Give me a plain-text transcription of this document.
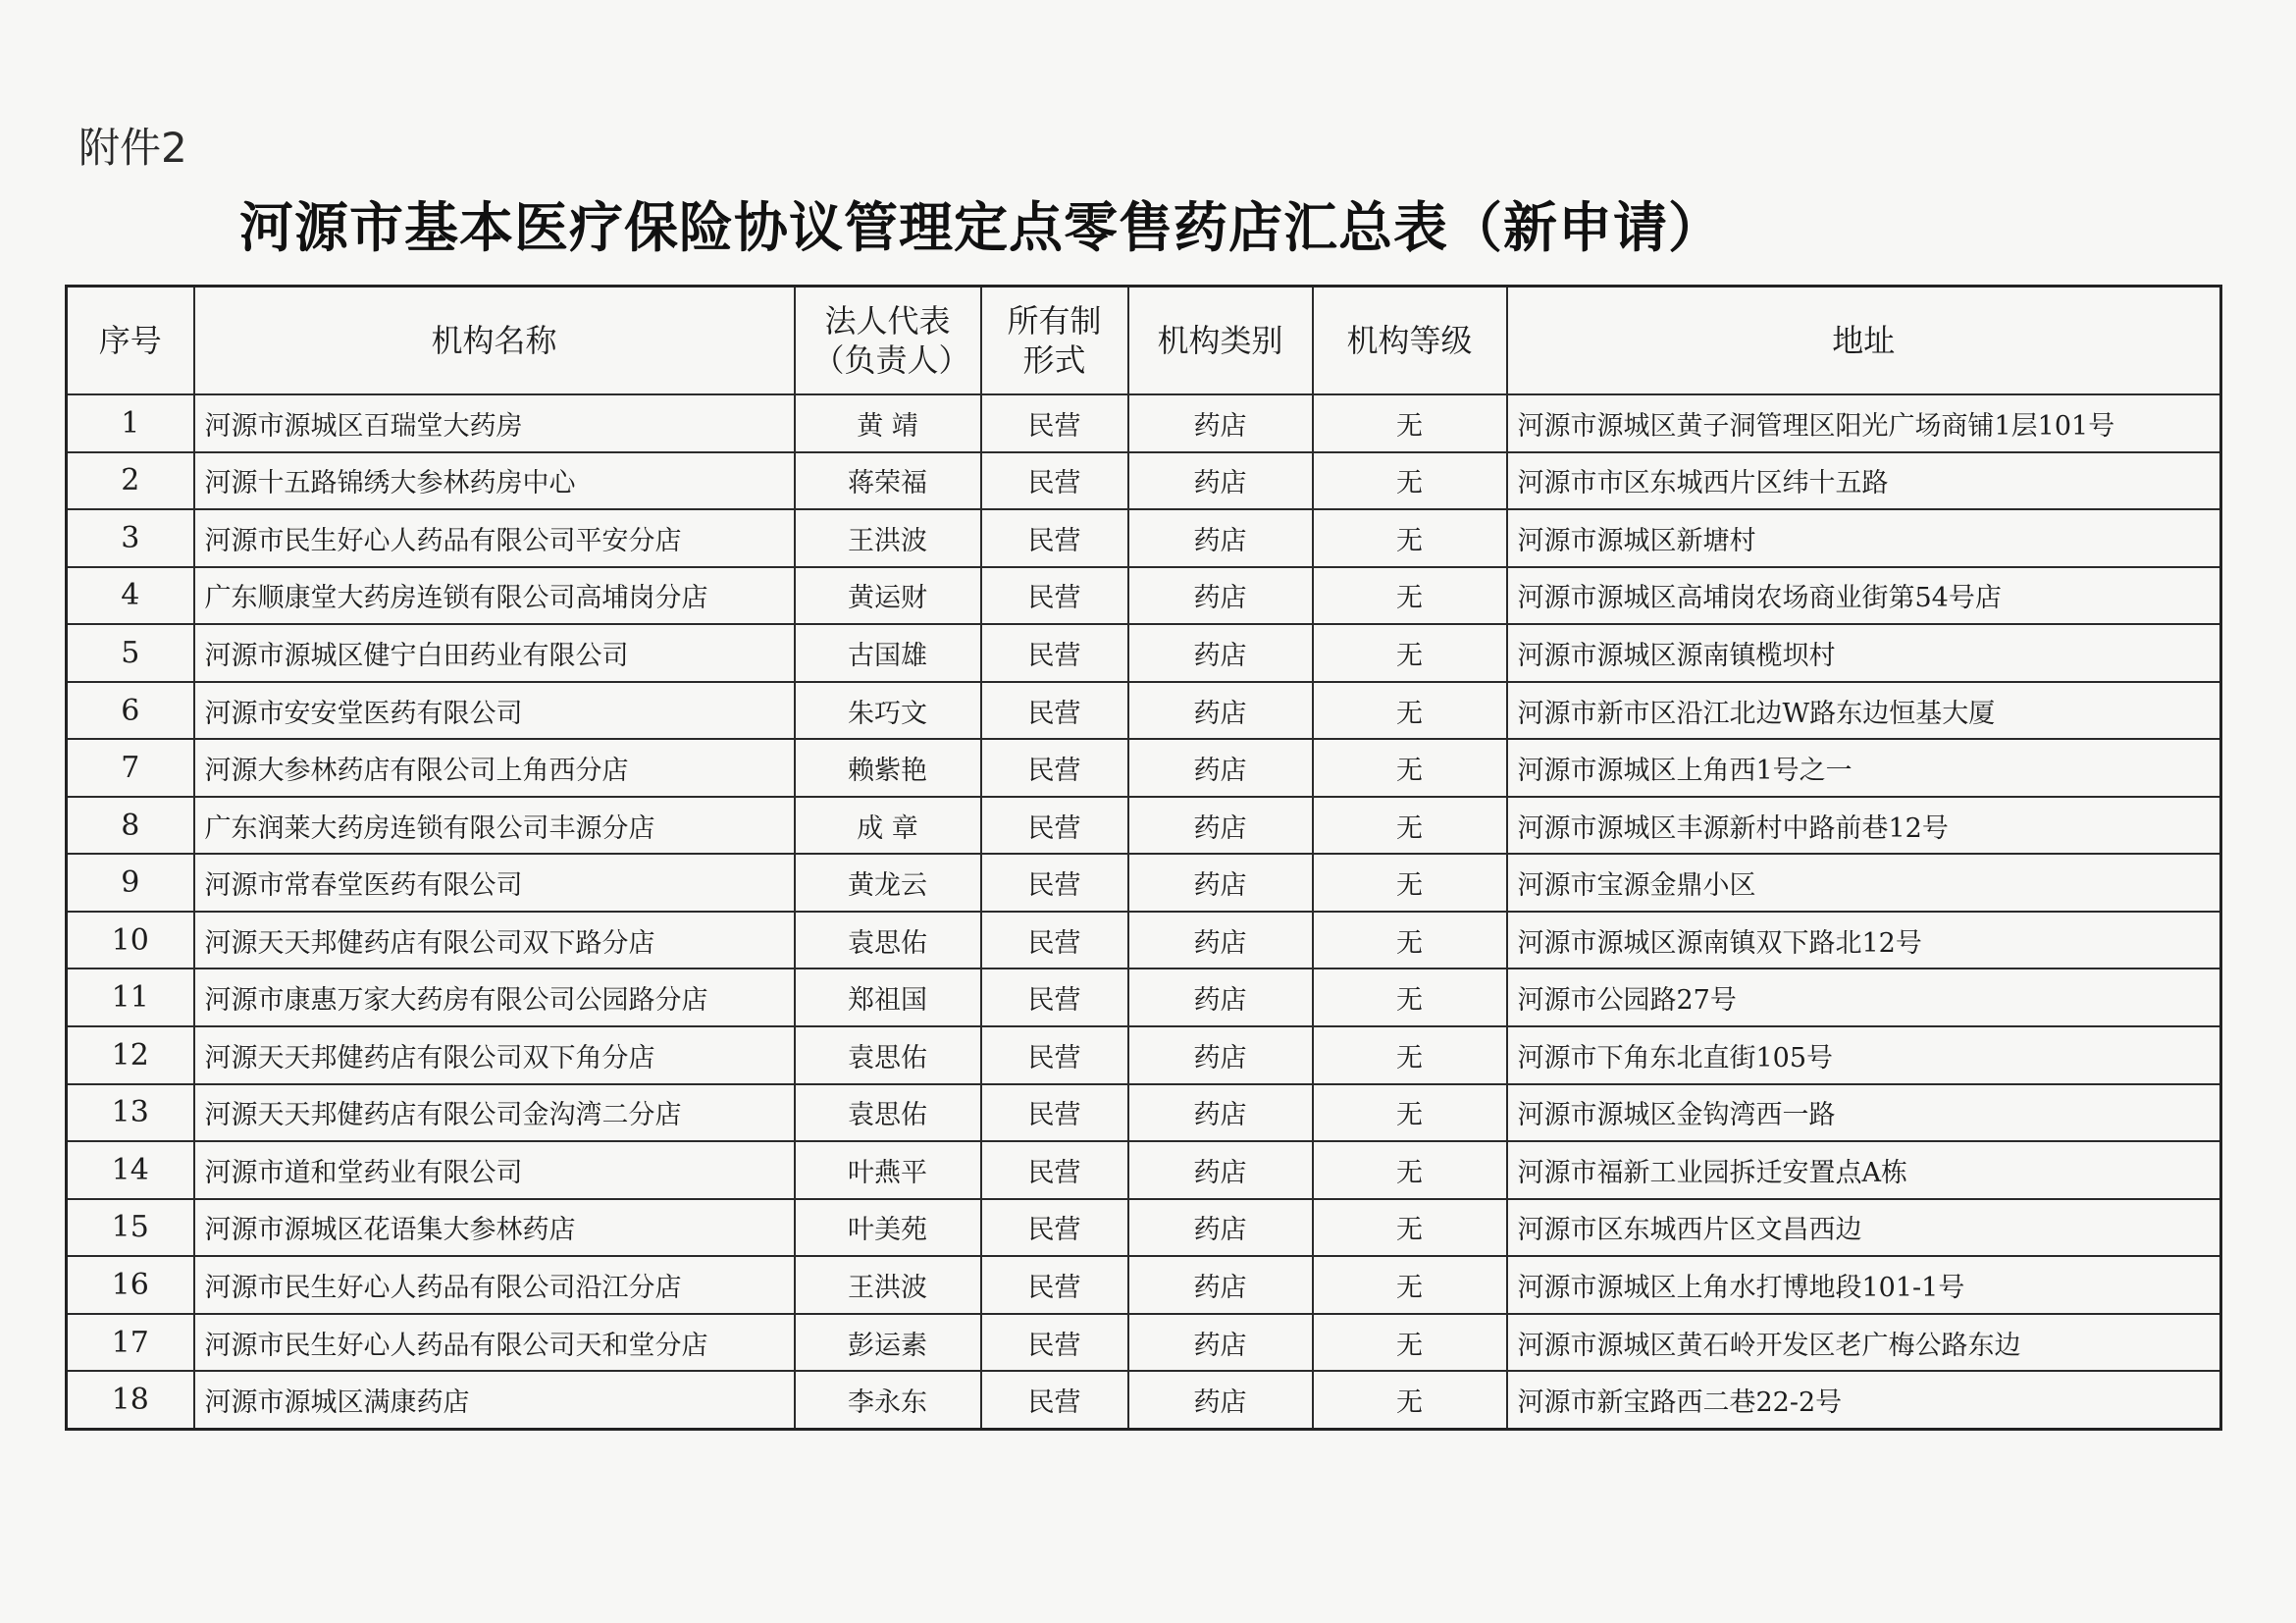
附件2
河源市基本医疗保险协议管理定点零售药店汇总表（新申请）
序号	机构名称	法人代表（负责人）	所有制形式	机构类别	机构等级	地址
1	河源市源城区百瑞堂大药房	黄 靖	民营	药店	无	河源市源城区黄子洞管理区阳光广场商铺1层101号
2	河源十五路锦绣大参林药房中心	蒋荣福	民营	药店	无	河源市市区东城西片区纬十五路
3	河源市民生好心人药品有限公司平安分店	王洪波	民营	药店	无	河源市源城区新塘村
4	广东顺康堂大药房连锁有限公司高埔岗分店	黄运财	民营	药店	无	河源市源城区高埔岗农场商业街第54号店
5	河源市源城区健宁白田药业有限公司	古国雄	民营	药店	无	河源市源城区源南镇榄坝村
6	河源市安安堂医药有限公司	朱巧文	民营	药店	无	河源市新市区沿江北边W路东边恒基大厦
7	河源大参林药店有限公司上角西分店	赖紫艳	民营	药店	无	河源市源城区上角西1号之一
8	广东润莱大药房连锁有限公司丰源分店	成 章	民营	药店	无	河源市源城区丰源新村中路前巷12号
9	河源市常春堂医药有限公司	黄龙云	民营	药店	无	河源市宝源金鼎小区
10	河源天天邦健药店有限公司双下路分店	袁思佑	民营	药店	无	河源市源城区源南镇双下路北12号
11	河源市康惠万家大药房有限公司公园路分店	郑祖国	民营	药店	无	河源市公园路27号
12	河源天天邦健药店有限公司双下角分店	袁思佑	民营	药店	无	河源市下角东北直街105号
13	河源天天邦健药店有限公司金沟湾二分店	袁思佑	民营	药店	无	河源市源城区金钩湾西一路
14	河源市道和堂药业有限公司	叶燕平	民营	药店	无	河源市福新工业园拆迁安置点A栋
15	河源市源城区花语集大参林药店	叶美苑	民营	药店	无	河源市区东城西片区文昌西边
16	河源市民生好心人药品有限公司沿江分店	王洪波	民营	药店	无	河源市源城区上角水打博地段101-1号
17	河源市民生好心人药品有限公司天和堂分店	彭运素	民营	药店	无	河源市源城区黄石岭开发区老广梅公路东边
18	河源市源城区满康药店	李永东	民营	药店	无	河源市新宝路西二巷22-2号
